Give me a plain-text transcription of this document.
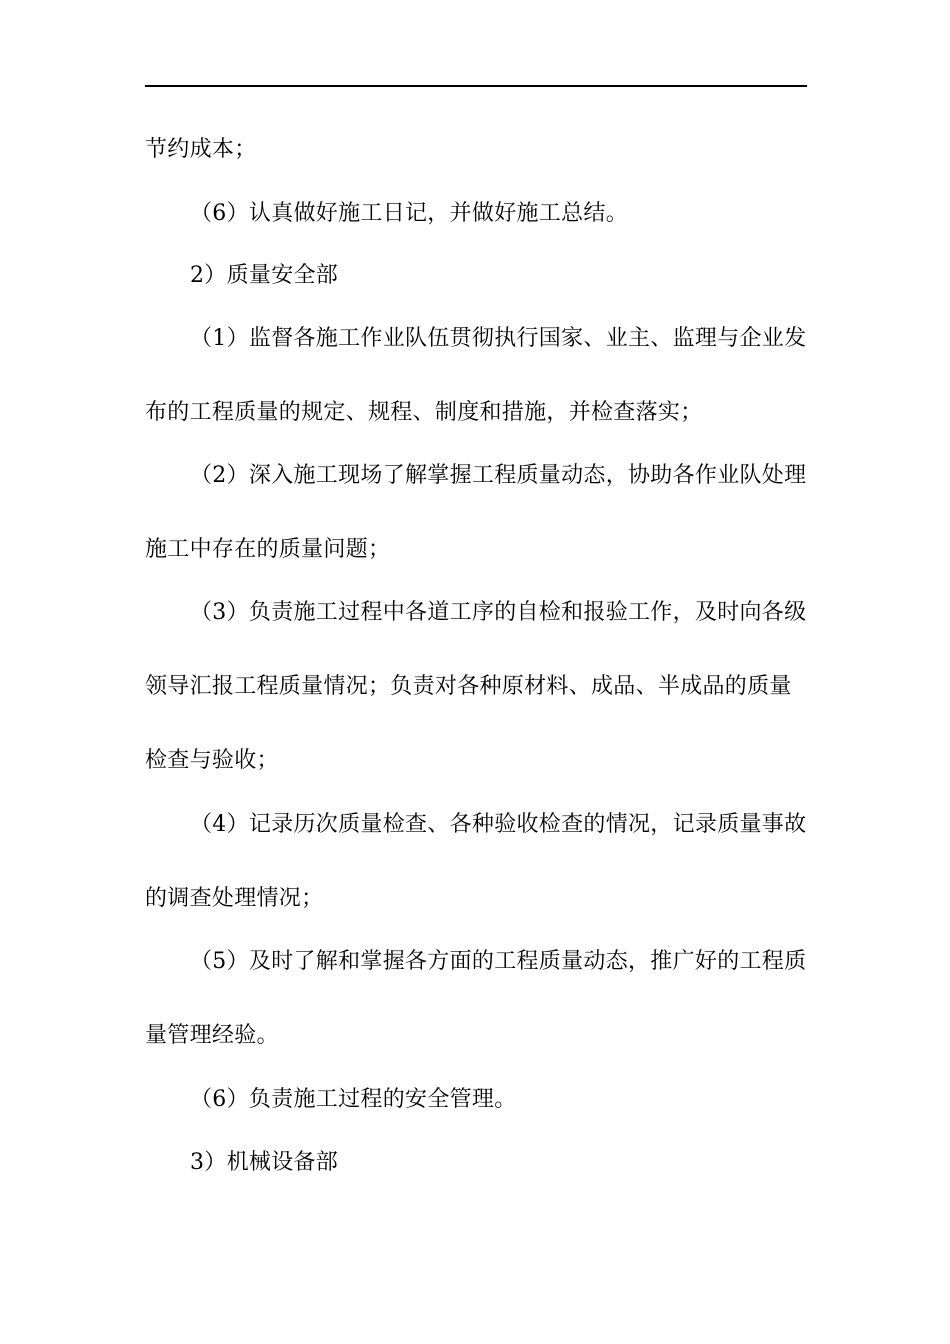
节约成本；
（6）认真做好施工日记，并做好施工总结。
2）质量安全部
（1）监督各施工作业队伍贯彻执行国家、业主、监理与企业发
布的工程质量的规定、规程、制度和措施，并检查落实；
（2）深入施工现场了解掌握工程质量动态，协助各作业队处理
施工中存在的质量问题；
（3）负责施工过程中各道工序的自检和报验工作，及时向各级
领导汇报工程质量情况；负责对各种原材料、成品、半成品的质量
检查与验收；
（4）记录历次质量检查、各种验收检查的情况，记录质量事故
的调查处理情况；
（5）及时了解和掌握各方面的工程质量动态，推广好的工程质
量管理经验。
（6）负责施工过程的安全管理。
3）机械设备部
